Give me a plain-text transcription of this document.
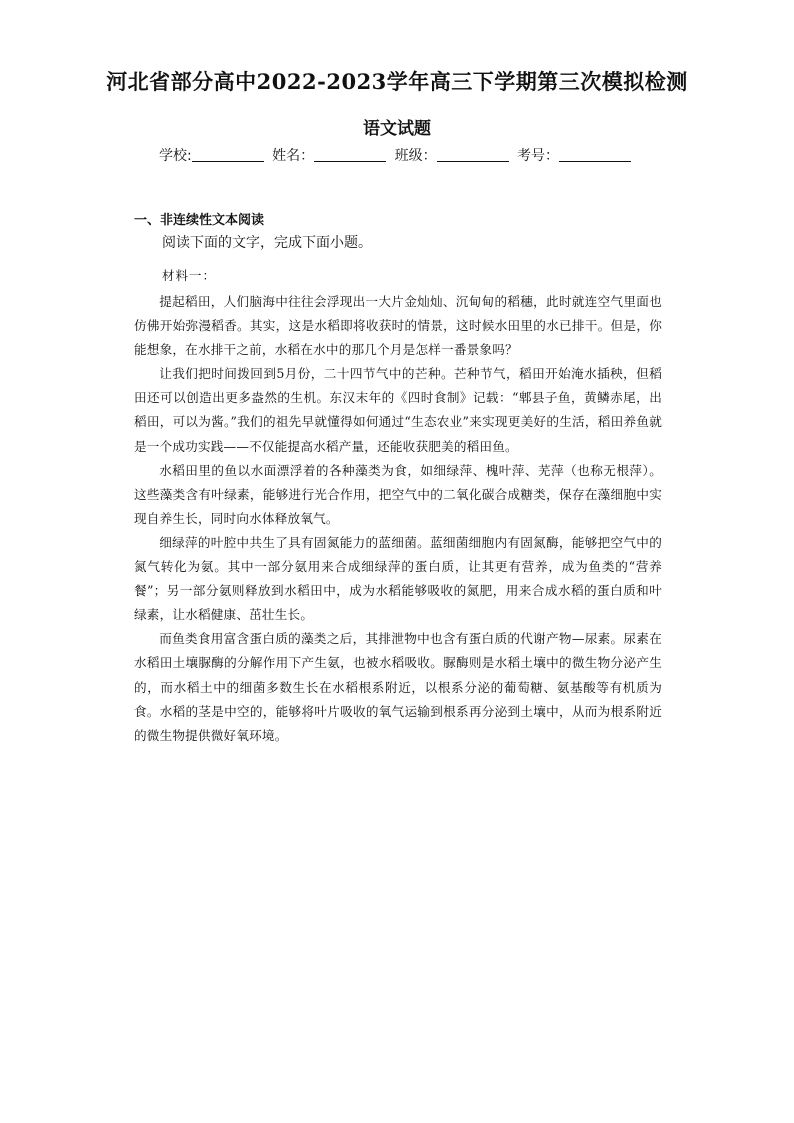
河北省部分高中2022-2023学年高三下学期第三次模拟检测
语文试题
学校:	姓名：	班级：	考号：
一、非连续性文本阅读
阅读下面的文字，完成下面小题。
材料一：

提起稻田，人们脑海中往往会浮现出一大片金灿灿、沉甸甸的稻穗，此时就连空气里面也仿佛开始弥漫稻香。其实，这是水稻即将收获时的情景，这时候水田里的水已排干。但是，你能想象，在水排干之前，水稻在水中的那几个月是怎样一番景象吗？

让我们把时间拨回到5月份，二十四节气中的芒种。芒种节气，稻田开始淹水插秧，但稻田还可以创造出更多盎然的生机。东汉末年的《四时食制》记载：“郫县子鱼，黄鳞赤尾，出稻田，可以为酱。”我们的祖先早就懂得如何通过“生态农业”来实现更美好的生活，稻田养鱼就是一个成功实践——不仅能提高水稻产量，还能收获肥美的稻田鱼。

水稻田里的鱼以水面漂浮着的各种藻类为食，如细绿萍、槐叶萍、芜萍（也称无根萍）。这些藻类含有叶绿素，能够进行光合作用，把空气中的二氧化碳合成糖类，保存在藻细胞中实现自养生长，同时向水体释放氧气。

细绿萍的叶腔中共生了具有固氮能力的蓝细菌。蓝细菌细胞内有固氮酶，能够把空气中的氮气转化为氨。其中一部分氨用来合成细绿萍的蛋白质，让其更有营养，成为鱼类的“营养餐”；另一部分氨则释放到水稻田中，成为水稻能够吸收的氮肥，用来合成水稻的蛋白质和叶绿素，让水稻健康、茁壮生长。

而鱼类食用富含蛋白质的藻类之后，其排泄物中也含有蛋白质的代谢产物—尿素。尿素在水稻田土壤脲酶的分解作用下产生氨，也被水稻吸收。脲酶则是水稻土壤中的微生物分泌产生的，而水稻土中的细菌多数生长在水稻根系附近，以根系分泌的葡萄糖、氨基酸等有机质为食。水稻的茎是中空的，能够将叶片吸收的氧气运输到根系再分泌到土壤中，从而为根系附近的微生物提供微好氧环境。
